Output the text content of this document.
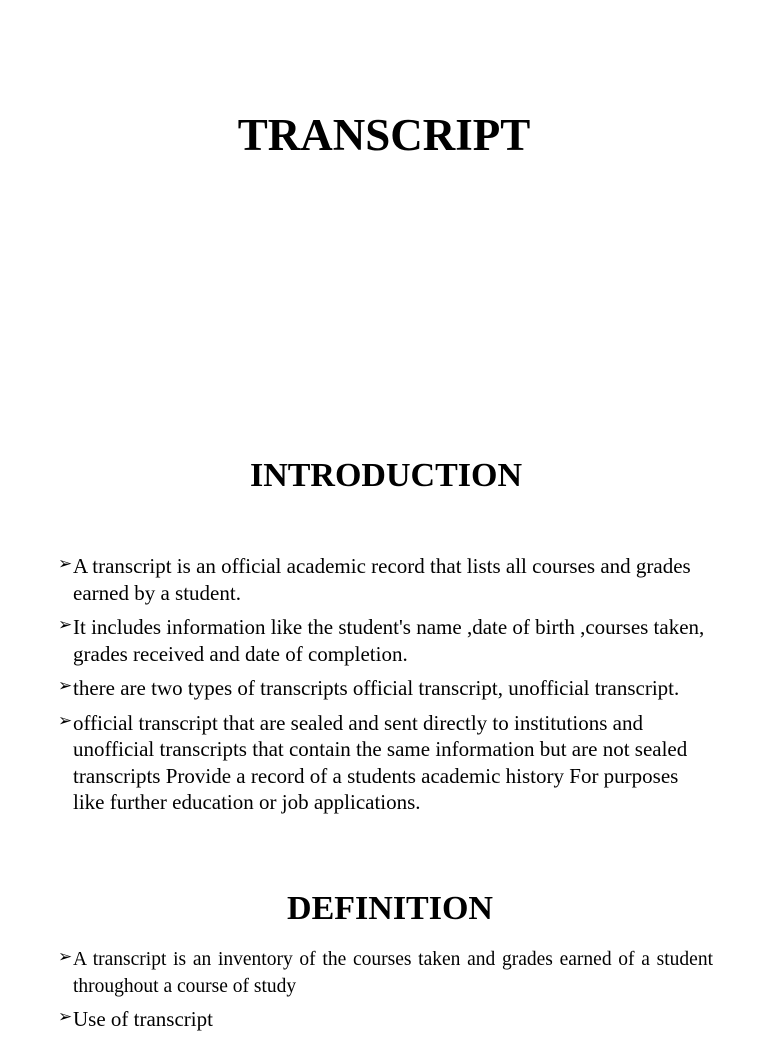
TRANSCRIPT
INTRODUCTION
➢ A transcript is an official academic record that lists all courses and grades earned by a student.
➢ It includes information like the student's name ,date of birth ,courses taken, grades received and date of completion.
➢ there are two types of transcripts official transcript, unofficial transcript.
➢ official transcript that are sealed and sent directly to institutions and unofficial transcripts that contain the same information but are not sealed transcripts Provide a record of a students academic history For purposes like further education or job applications.
DEFINITION
➢ A transcript is an inventory of the courses taken and grades earned of a student throughout a course of study
➢ Use of transcript
